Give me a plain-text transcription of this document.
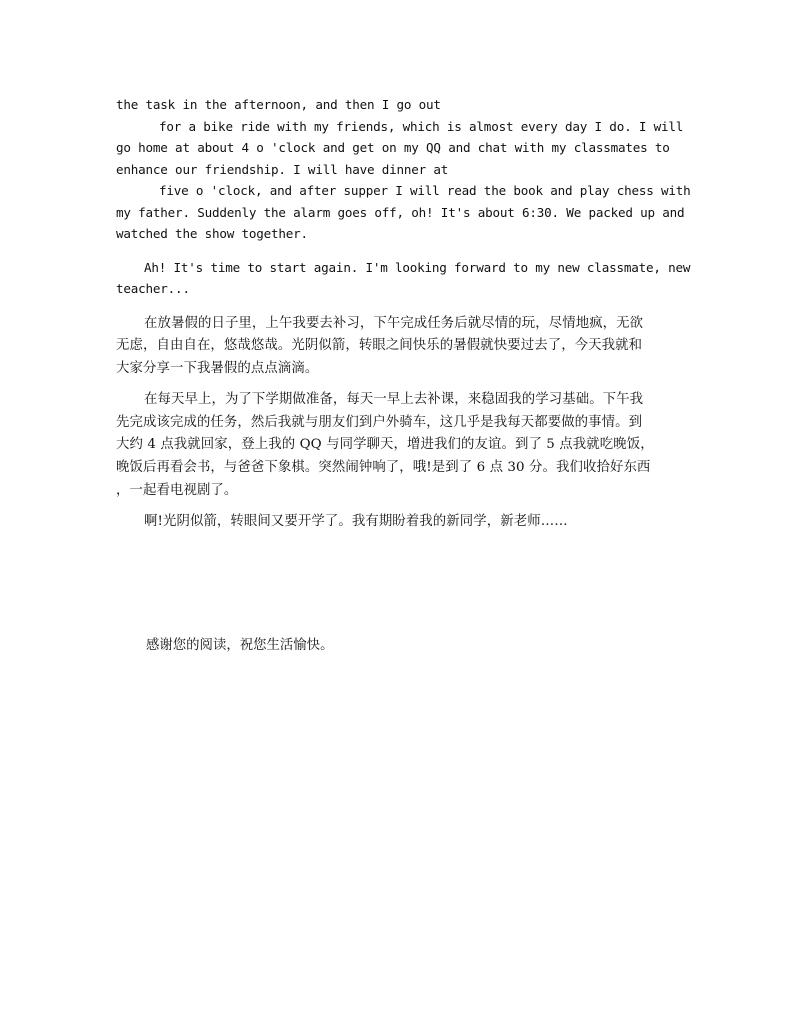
the task in the afternoon, and then I go out
for a bike ride with my friends, which is almost every day I do. I will
go home at about 4 o 'clock and get on my QQ and chat with my classmates to
enhance our friendship. I will have dinner at
five o 'clock, and after supper I will read the book and play chess with
my father. Suddenly the alarm goes off, oh! It's about 6:30. We packed up and
watched the show together.
Ah! It's time to start again. I'm looking forward to my new classmate, new
teacher...
在放暑假的日子里，上午我要去补习，下午完成任务后就尽情的玩，尽情地疯，无欲
无虑，自由自在，悠哉悠哉。光阴似箭，转眼之间快乐的暑假就快要过去了，今天我就和
大家分享一下我暑假的点点滴滴。
在每天早上，为了下学期做准备，每天一早上去补课，来稳固我的学习基础。下午我
先完成该完成的任务，然后我就与朋友们到户外骑车，这几乎是我每天都要做的事情。到
大约 4 点我就回家，登上我的 QQ 与同学聊天，增进我们的友谊。到了 5 点我就吃晚饭，
晚饭后再看会书，与爸爸下象棋。突然闹钟响了，哦!是到了 6 点 30 分。我们收拾好东西
，一起看电视剧了。
啊!光阴似箭，转眼间又要开学了。我有期盼着我的新同学，新老师……
感谢您的阅读，祝您生活愉快。
